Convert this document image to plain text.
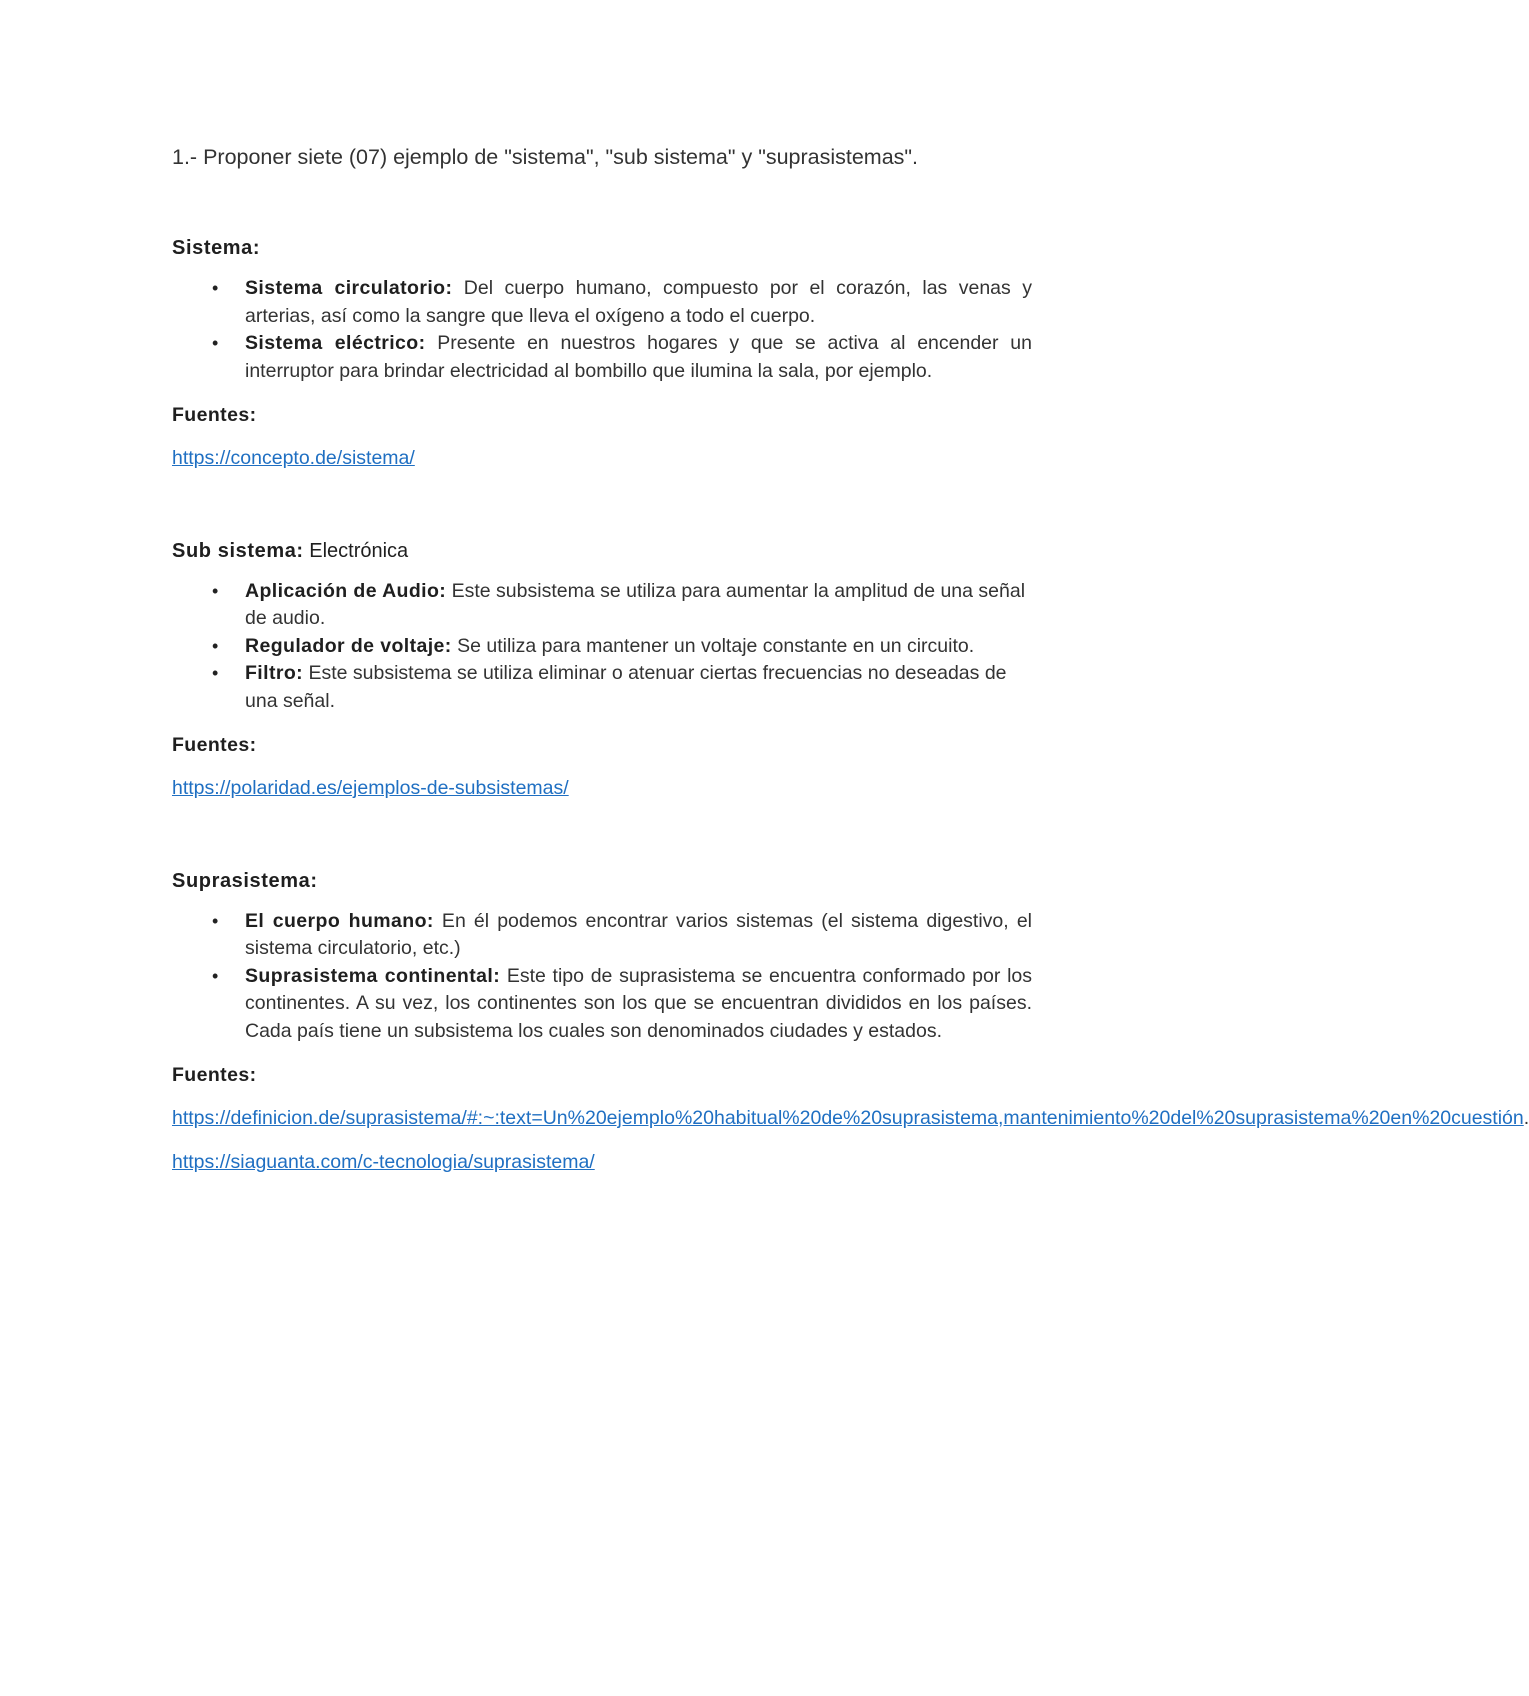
1.- Proponer siete (07) ejemplo de "sistema", "sub sistema" y "suprasistemas".

Sistema:

• Sistema circulatorio: Del cuerpo humano, compuesto por el corazón, las venas y arterias, así como la sangre que lleva el oxígeno a todo el cuerpo.
• Sistema eléctrico: Presente en nuestros hogares y que se activa al encender un interruptor para brindar electricidad al bombillo que ilumina la sala, por ejemplo.

Fuentes:

https://concepto.de/sistema/

Sub sistema: Electrónica

• Aplicación de Audio: Este subsistema se utiliza para aumentar la amplitud de una señal de audio.
• Regulador de voltaje: Se utiliza para mantener un voltaje constante en un circuito.
• Filtro: Este subsistema se utiliza eliminar o atenuar ciertas frecuencias no deseadas de una señal.

Fuentes:

https://polaridad.es/ejemplos-de-subsistemas/

Suprasistema:

• El cuerpo humano: En él podemos encontrar varios sistemas (el sistema digestivo, el sistema circulatorio, etc.)
• Suprasistema continental: Este tipo de suprasistema se encuentra conformado por los continentes. A su vez, los continentes son los que se encuentran divididos en los países. Cada país tiene un subsistema los cuales son denominados ciudades y estados.

Fuentes:

https://definicion.de/suprasistema/#:~:text=Un%20ejemplo%20habitual%20de%20suprasistema,mantenimiento%20del%20suprasistema%20en%20cuestión.

https://siaguanta.com/c-tecnologia/suprasistema/
